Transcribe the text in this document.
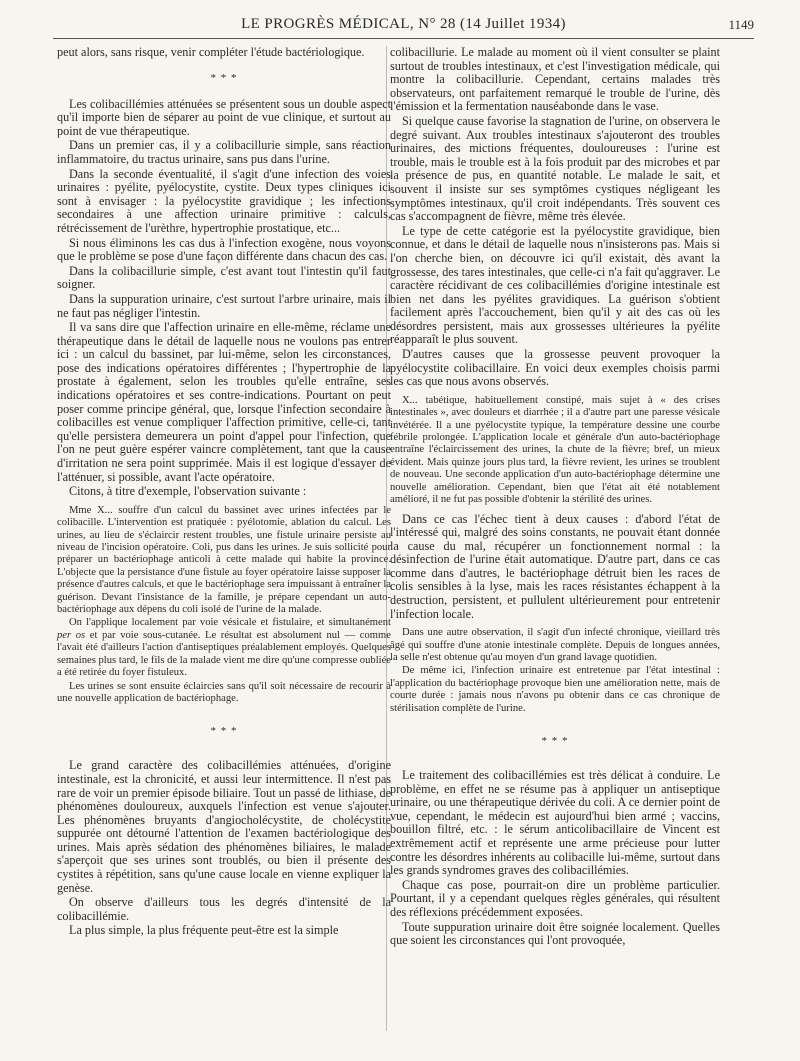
LE PROGRÈS MÉDICAL, N° 28 (14 Juillet 1934)	1149

peut alors, sans risque, venir compléter l'étude bactériologique.

* * *

Les colibacillémies atténuées se présentent sous un double aspect qu'il importe bien de séparer au point de vue clinique, et surtout au point de vue thérapeutique.

Dans un premier cas, il y a colibacillurie simple, sans réaction inflammatoire, du tractus urinaire, sans pus dans l'urine.

Dans la seconde éventualité, il s'agit d'une infection des voies urinaires : pyélite, pyélocystite, cystite. Deux types cliniques ici sont à envisager : la pyélocystite gravidique ; les infections secondaires à une affection urinaire primitive : calculs, rétrécissement de l'urèthre, hypertrophie prostatique, etc...

Si nous éliminons les cas dus à l'infection exogène, nous voyons que le problème se pose d'une façon différente dans chacun des cas.

Dans la colibacillurie simple, c'est avant tout l'intestin qu'il faut soigner.

Dans la suppuration urinaire, c'est surtout l'arbre urinaire, mais il ne faut pas négliger l'intestin.

Il va sans dire que l'affection urinaire en elle-même, réclame une thérapeutique dans le détail de laquelle nous ne voulons pas entrer ici : un calcul du bassinet, par lui-même, selon les circonstances, pose des indications opératoires différentes ; l'hypertrophie de la prostate à également, selon les troubles qu'elle entraîne, ses indications opératoires et ses contre-indications. Pourtant on peut poser comme principe général, que, lorsque l'infection secondaire à colibacilles est venue compliquer l'affection primitive, celle-ci, tant qu'elle persistera demeurera un point d'appel pour l'infection, que l'on ne peut guère espérer vaincre complètement, tant que la cause d'irritation ne sera point supprimée. Mais il est logique d'essayer de l'atténuer, si possible, avant l'acte opératoire.

Citons, à titre d'exemple, l'observation suivante :

Mme X... souffre d'un calcul du bassinet avec urines infectées par le colibacille. L'intervention est pratiquée : pyélotomie, ablation du calcul. Les urines, au lieu de s'éclaircir restent troubles, une fistule urinaire persiste au niveau de l'incision opératoire. Coli, pus dans les urines. Je suis sollicité pour préparer un bactériophage anticoli à cette malade qui habite la province. L'objecte que la persistance d'une fistule au foyer opératoire laisse supposer la présence d'autres calculs, et que le bactériophage sera impuissant à entraîner la guérison. Devant l'insistance de la famille, je prépare cependant un auto-bactériophage aux dépens du coli isolé de l'urine de la malade.

On l'applique localement par voie vésicale et fistulaire, et simultanément per os et par voie sous-cutanée. Le résultat est absolument nul — comme l'avait été d'ailleurs l'action d'antiseptiques préalablement employés. Quelques semaines plus tard, le fils de la malade vient me dire qu'une compresse oubliée a été retirée du foyer fistuleux.

Les urines se sont ensuite éclaircies sans qu'il soit nécessaire de recourir à une nouvelle application de bactériophage.

* * *

Le grand caractère des colibacillémies atténuées, d'origine intestinale, est la chronicité, et aussi leur intermittence. Il n'est pas rare de voir un premier épisode biliaire. Tout un passé de lithiase, de phénomènes douloureux, auxquels l'infection est venue s'ajouter. Les phénomènes bruyants d'angiocholécystite, de cholécystite suppurée ont détourné l'attention de l'examen bactériologique des urines. Mais après sédation des phénomènes biliaires, le malade s'aperçoit que ses urines sont troublés, ou bien il présente des cystites à répétition, sans qu'une cause locale en vienne expliquer la genèse.

On observe d'ailleurs tous les degrés d'intensité de la colibacillémie.

La plus simple, la plus fréquente peut-être est la simple

colibacillurie. Le malade au moment où il vient consulter se plaint surtout de troubles intestinaux, et c'est l'investigation médicale, qui montre la colibacillurie. Cependant, certains malades très observateurs, ont parfaitement remarqué le trouble de l'urine, dès l'émission et la fermentation nauséabonde dans le vase.

Si quelque cause favorise la stagnation de l'urine, on observera le degré suivant. Aux troubles intestinaux s'ajouteront des troubles urinaires, des mictions fréquentes, douloureuses : l'urine est trouble, mais le trouble est à la fois produit par des microbes et par la présence de pus, en quantité notable. Le malade le sait, et souvent il insiste sur ses symptômes cystiques négligeant les symptômes intestinaux, qu'il croit indépendants. Très souvent ces cas s'accompagnent de fièvre, même très élevée.

Le type de cette catégorie est la pyélocystite gravidique, bien connue, et dans le détail de laquelle nous n'insisterons pas. Mais si l'on cherche bien, on découvre ici qu'il existait, dès avant la grossesse, des tares intestinales, que celle-ci n'a fait qu'aggraver. Le caractère récidivant de ces colibacillémies d'origine intestinale est bien net dans les pyélites gravidiques. La guérison s'obtient facilement après l'accouchement, bien qu'il y ait des cas où les désordres persistent, mais aux grossesses ultérieures la pyélite réapparaît le plus souvent.

D'autres causes que la grossesse peuvent provoquer la pyélocystite colibacillaire. En voici deux exemples choisis parmi les cas que nous avons observés.

X... tabétique, habituellement constipé, mais sujet à « des crises intestinales », avec douleurs et diarrhée ; il a d'autre part une paresse vésicale invétérée. Il a une pyélocystite typique, la température dessine une courbe fébrile prolongée. L'application locale et générale d'un auto-bactériophage entraîne l'éclaircissement des urines, la chute de la fièvre; bref, un mieux évident. Mais quinze jours plus tard, la fièvre revient, les urines se troublent de nouveau. Une seconde application d'un auto-bactériophage détermine une nouvelle amélioration. Cependant, bien que l'état ait été notablement amélioré, il ne fut pas possible d'obtenir la stérilité des urines.

Dans ce cas l'échec tient à deux causes : d'abord l'état de l'intéressé qui, malgré des soins constants, ne pouvait étant donnée la cause du mal, récupérer un fonctionnement normal : la désinfection de l'urine était automatique. D'autre part, dans ce cas comme dans d'autres, le bactériophage détruit bien les races de colis sensibles à la lyse, mais les races résistantes échappent à la destruction, persistent, et pullulent ultérieurement pour entretenir l'infection locale.

Dans une autre observation, il s'agit d'un infecté chronique, vieillard très âgé qui souffre d'une atonie intestinale complète. Depuis de longues années, la selle n'est obtenue qu'au moyen d'un grand lavage quotidien.

De même ici, l'infection urinaire est entretenue par l'état intestinal : l'application du bactériophage provoque bien une amélioration nette, mais de courte durée : jamais nous n'avons pu obtenir dans ce cas chronique de stérilisation complète de l'urine.

* * *

Le traitement des colibacillémies est très délicat à conduire. Le problème, en effet ne se résume pas à appliquer un antiseptique urinaire, ou une thérapeutique dérivée du coli. A ce dernier point de vue, cependant, le médecin est aujourd'hui bien armé ; vaccins, bouillon filtré, etc. : le sérum anticolibacillaire de Vincent est extrêmement actif et représente une arme précieuse pour lutter contre les désordres inhérents au colibacille lui-même, surtout dans les grands syndromes graves des colibacillémies.

Chaque cas pose, pourrait-on dire un problème particulier. Pourtant, il y a cependant quelques règles générales, qui résultent des réflexions précédemment exposées.

Toute suppuration urinaire doit être soignée localement. Quelles que soient les circonstances qui l'ont provoquée,
